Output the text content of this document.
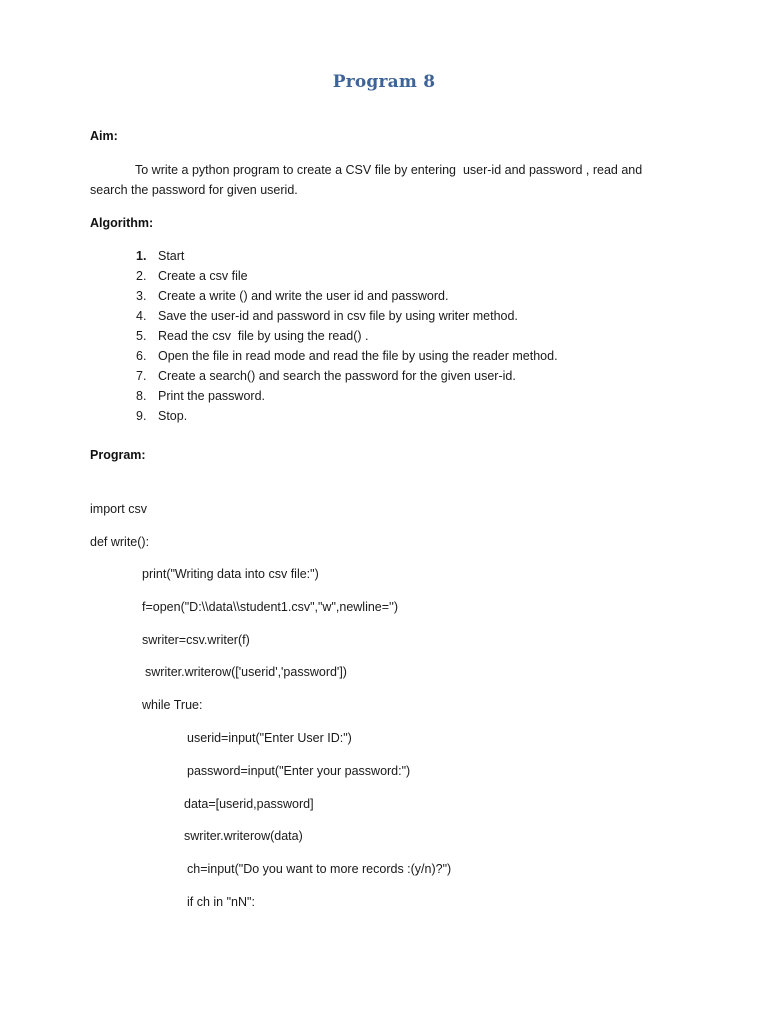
Program 8
Aim:
To write a python program to create a CSV file by entering  user-id and password , read and
search the password for given userid.
Algorithm:
1. Start
2. Create a csv file
3. Create a write () and write the user id and password.
4. Save the user-id and password in csv file by using writer method.
5. Read the csv  file by using the read() .
6. Open the file in read mode and read the file by using the reader method.
7. Create a search() and search the password for the given user-id.
8. Print the password.
9. Stop.
Program:
import csv
def write():
print("Writing data into csv file:")
f=open("D:\\data\\student1.csv","w",newline='')
swriter=csv.writer(f)
swriter.writerow(['userid','password'])
while True:
userid=input("Enter User ID:")
password=input("Enter your password:")
data=[userid,password]
swriter.writerow(data)
ch=input("Do you want to more records :(y/n)?")
if ch in "nN":
